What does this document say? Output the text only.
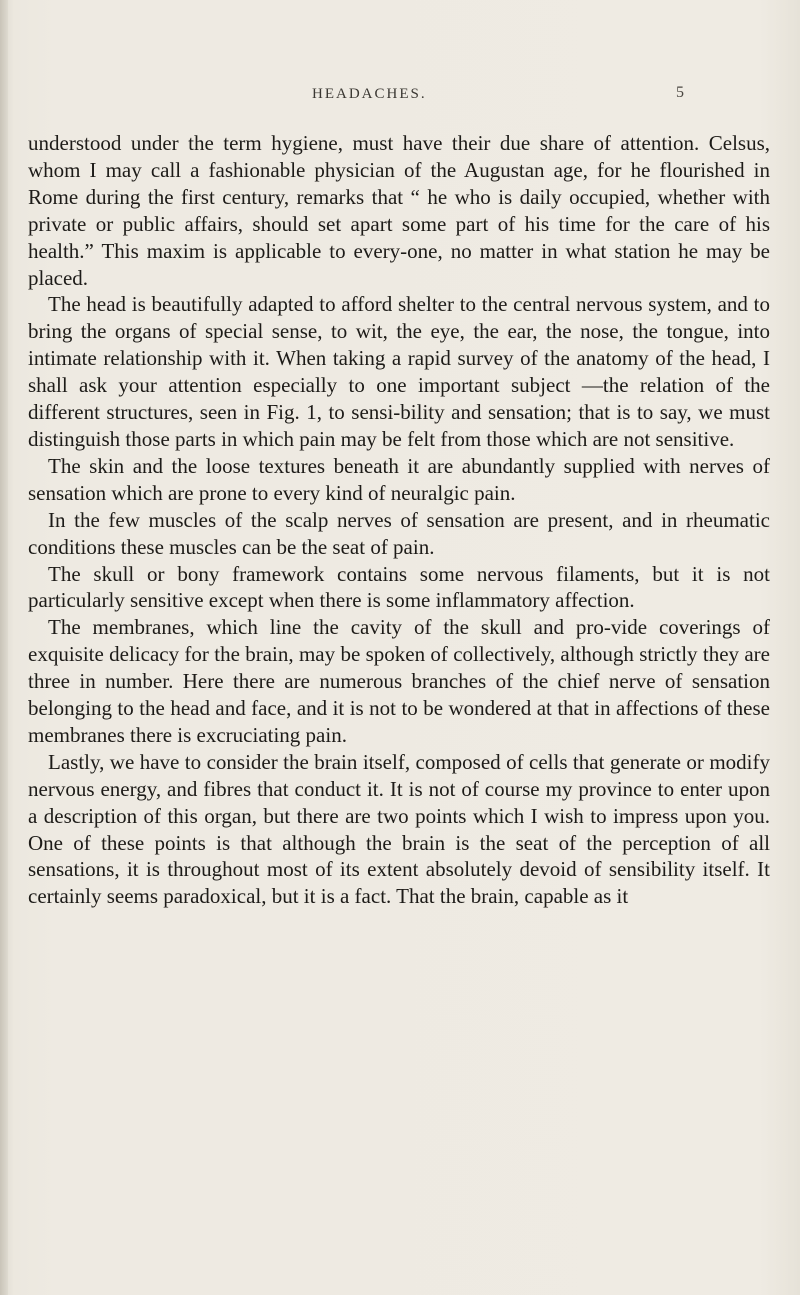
HEADACHES.	5

understood under the term hygiene, must have their due share of attention. Celsus, whom I may call a fashionable physician of the Augustan age, for he flourished in Rome during the first century, remarks that “ he who is daily occupied, whether with private or public affairs, should set apart some part of his time for the care of his health.” This maxim is applicable to every-one, no matter in what station he may be placed.

The head is beautifully adapted to afford shelter to the central nervous system, and to bring the organs of special sense, to wit, the eye, the ear, the nose, the tongue, into intimate relationship with it. When taking a rapid survey of the anatomy of the head, I shall ask your attention especially to one important subject —the relation of the different structures, seen in Fig. 1, to sensi-bility and sensation; that is to say, we must distinguish those parts in which pain may be felt from those which are not sensitive.

The skin and the loose textures beneath it are abundantly supplied with nerves of sensation which are prone to every kind of neuralgic pain.

In the few muscles of the scalp nerves of sensation are present, and in rheumatic conditions these muscles can be the seat of pain.

The skull or bony framework contains some nervous filaments, but it is not particularly sensitive except when there is some inflammatory affection.

The membranes, which line the cavity of the skull and pro-vide coverings of exquisite delicacy for the brain, may be spoken of collectively, although strictly they are three in number. Here there are numerous branches of the chief nerve of sensation belonging to the head and face, and it is not to be wondered at that in affections of these membranes there is excruciating pain.

Lastly, we have to consider the brain itself, composed of cells that generate or modify nervous energy, and fibres that conduct it. It is not of course my province to enter upon a description of this organ, but there are two points which I wish to impress upon you. One of these points is that although the brain is the seat of the perception of all sensations, it is throughout most of its extent absolutely devoid of sensibility itself. It certainly seems paradoxical, but it is a fact. That the brain, capable as it
